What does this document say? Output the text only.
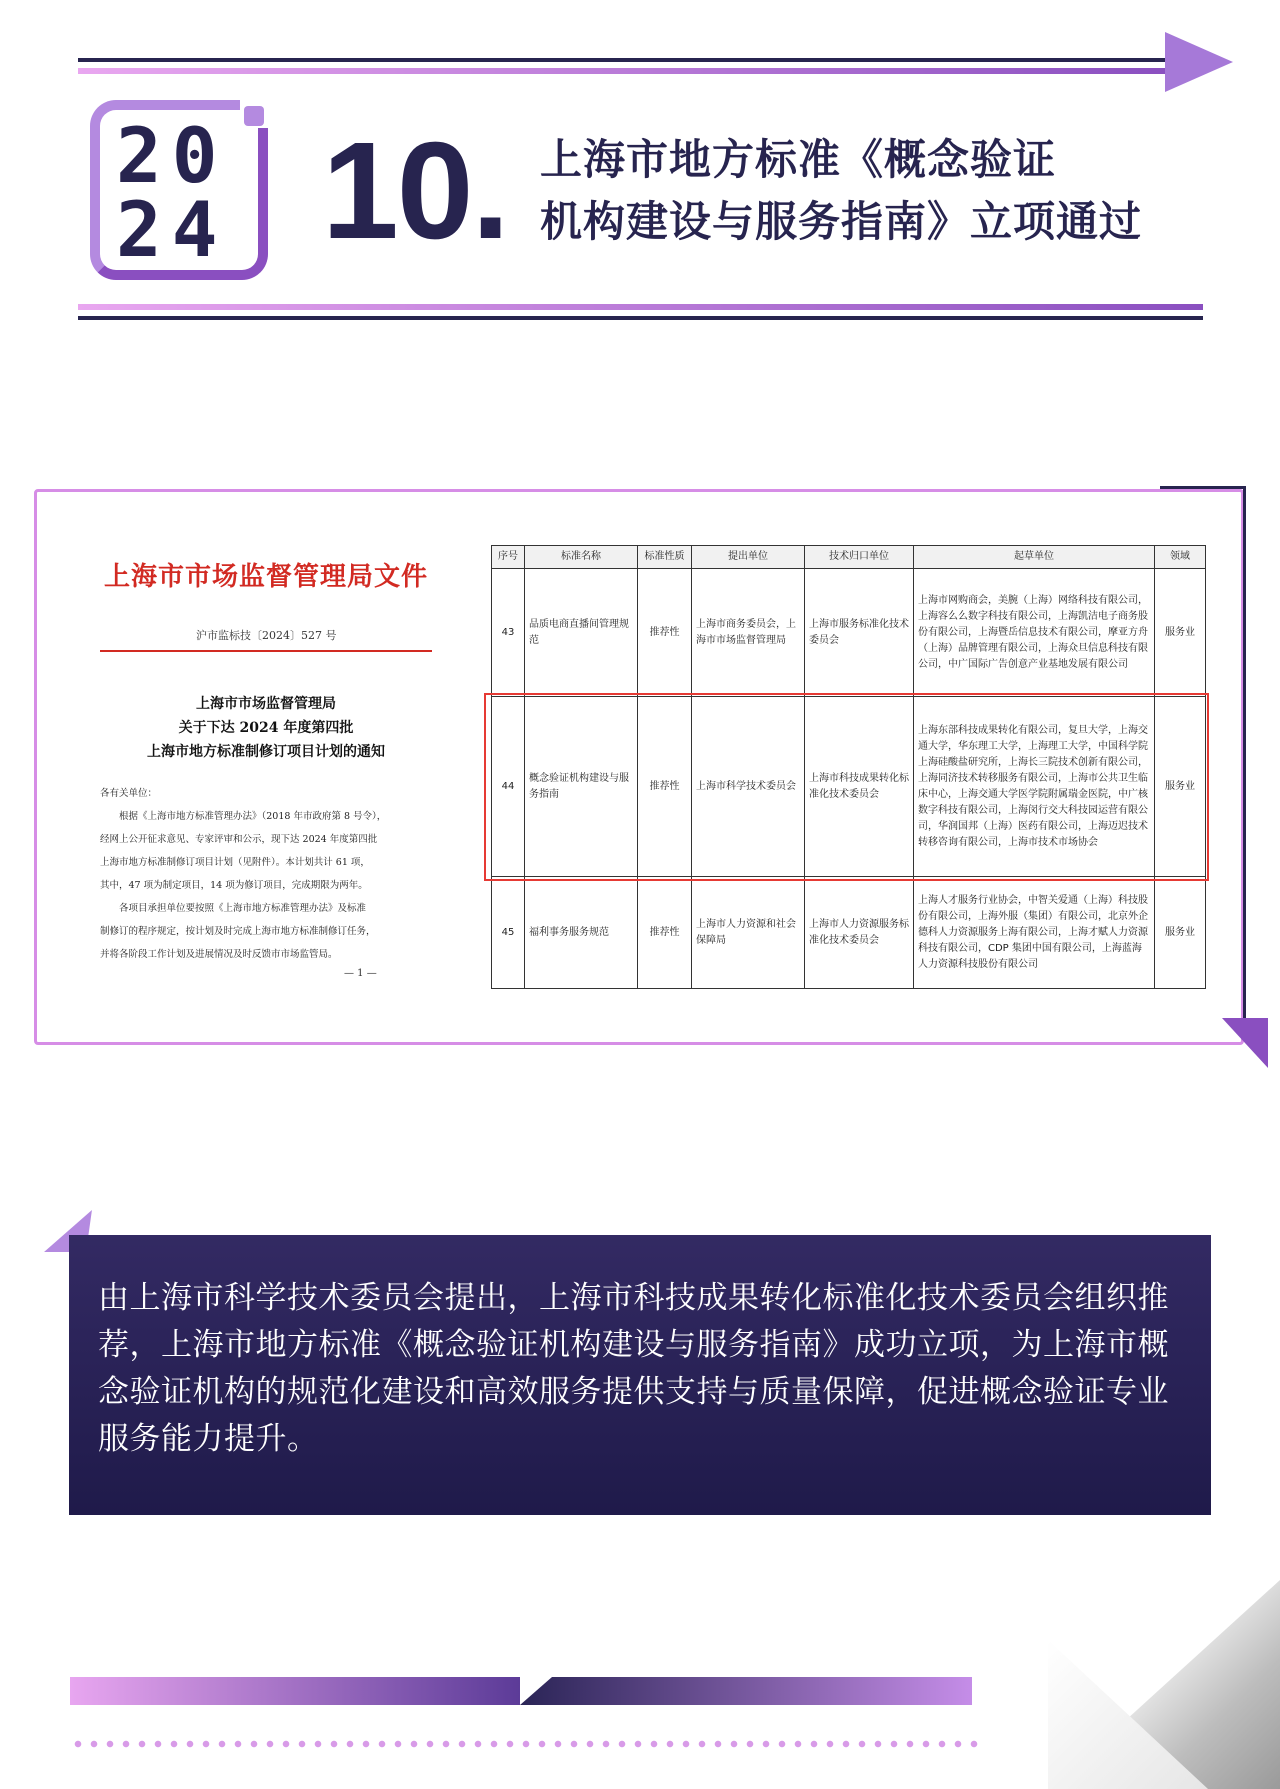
20
24 10. 上海市地方标准《概念验证
机构建设与服务指南》立项通过
上海市市场监督管理局文件
沪市监标技〔2024〕527 号
上海市市场监督管理局
关于下达 2024 年度第四批
上海市地方标准制修订项目计划的通知
各有关单位：
　　根据《上海市地方标准管理办法》（2018 年市政府第 8 号令），
经网上公开征求意见、专家评审和公示，现下达 2024 年度第四批
上海市地方标准制修订项目计划（见附件）。本计划共计 61 项，
其中，47 项为制定项目，14 项为修订项目，完成期限为两年。
　　各项目承担单位要按照《上海市地方标准管理办法》及标准
制修订的程序规定，按计划及时完成上海市地方标准制修订任务，
并将各阶段工作计划及进展情况及时反馈市市场监管局。
— 1 —
序号	标准名称	标准性质	提出单位	技术归口单位	起草单位	领域
43	品质电商直播间管理规范	推荐性	上海市商务委员会，上海市市场监督管理局	上海市服务标准化技术委员会	上海市网购商会，美腕（上海）网络科技有限公司，上海容么么数字科技有限公司，上海凯洁电子商务股份有限公司，上海暨岳信息技术有限公司，摩亚方舟（上海）品牌管理有限公司，上海众旦信息科技有限公司，中广国际广告创意产业基地发展有限公司	服务业
44	概念验证机构建设与服务指南	推荐性	上海市科学技术委员会	上海市科技成果转化标准化技术委员会	上海东部科技成果转化有限公司，复旦大学，上海交通大学，华东理工大学，上海理工大学，中国科学院上海硅酸盐研究所，上海长三院技术创新有限公司，上海同济技术转移服务有限公司，上海市公共卫生临床中心，上海交通大学医学院附属瑞金医院，中广核数字科技有限公司，上海闵行交大科技园运营有限公司，华润国邦（上海）医药有限公司，上海迈迟技术转移咨询有限公司，上海市技术市场协会	服务业
45	福利事务服务规范	推荐性	上海市人力资源和社会保障局	上海市人力资源服务标准化技术委员会	上海人才服务行业协会，中智关爱通（上海）科技股份有限公司，上海外服（集团）有限公司，北京外企德科人力资源服务上海有限公司，上海才赋人力资源科技有限公司，CDP 集团中国有限公司，上海蓝海人力资源科技股份有限公司	服务业
由上海市科学技术委员会提出，上海市科技成果转化标准化技术委员会组织推荐，上海市地方标准《概念验证机构建设与服务指南》成功立项，为上海市概念验证机构的规范化建设和高效服务提供支持与质量保障，促进概念验证专业服务能力提升。
